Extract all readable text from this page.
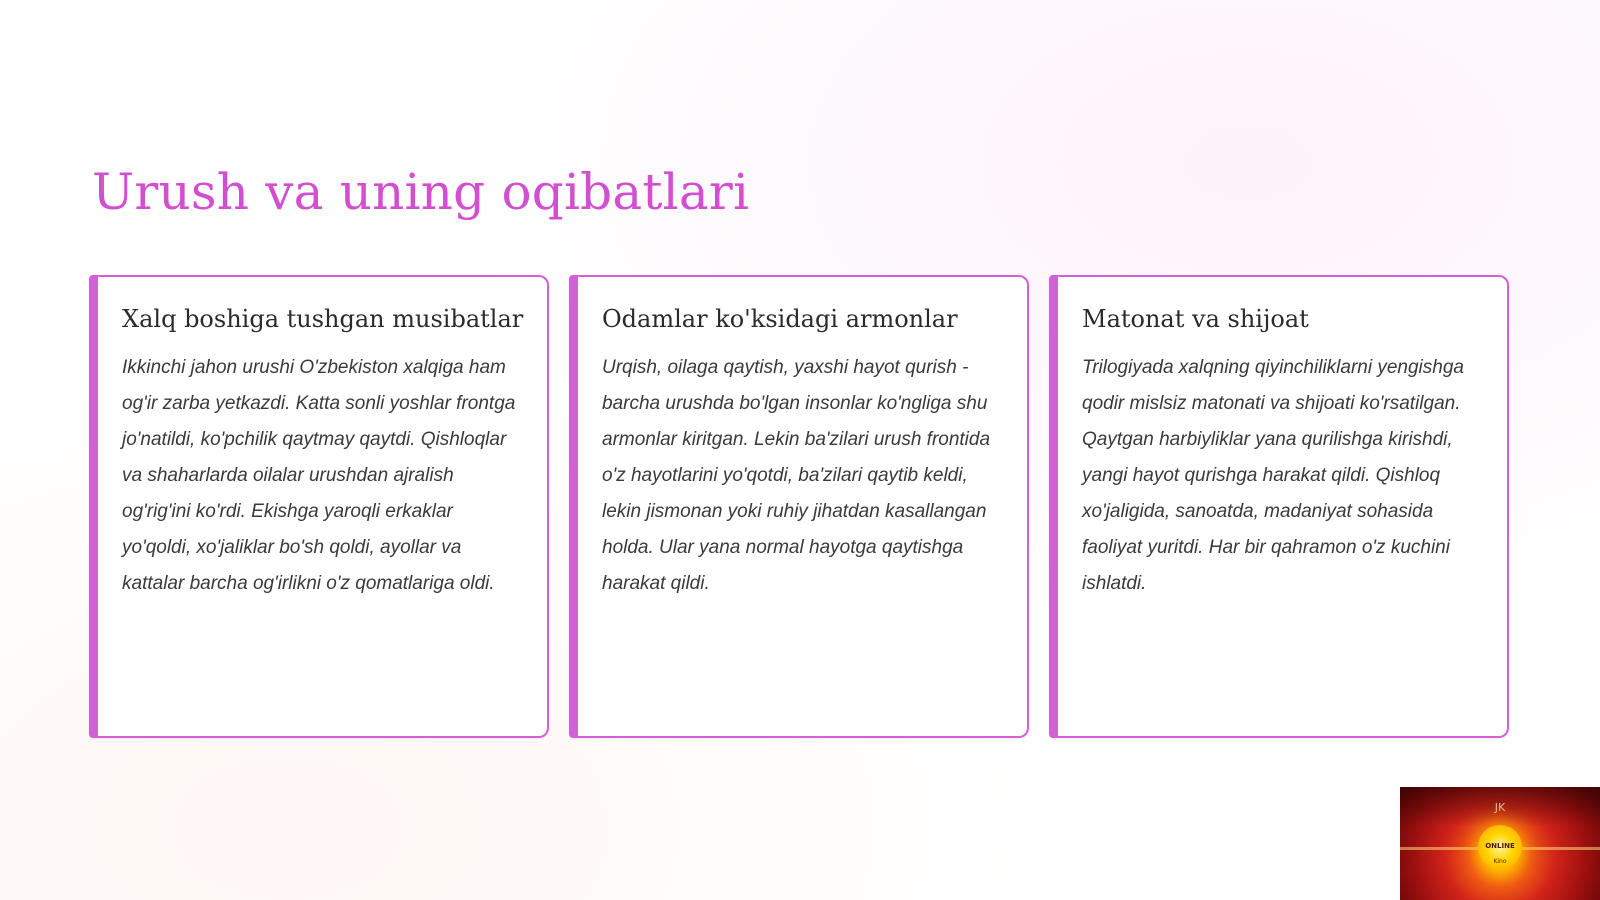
Urush va uning oqibatlari
Xalq boshiga tushgan musibatlar

Ikkinchi jahon urushi O'zbekiston xalqiga ham og'ir zarba yetkazdi. Katta sonli yoshlar frontga jo'natildi, ko'pchilik qaytmay qaytdi. Qishloqlar va shaharlarda oilalar urushdan ajralish og'rig'ini ko'rdi. Ekishga yaroqli erkaklar yo'qoldi, xo'jaliklar bo'sh qoldi, ayollar va kattalar barcha og'irlikni o'z qomatlariga oldi.

Odamlar ko'ksidagi armonlar

Urqish, oilaga qaytish, yaxshi hayot qurish - barcha urushda bo'lgan insonlar ko'ngliga shu armonlar kiritgan. Lekin ba'zilari urush frontida o'z hayotlarini yo'qotdi, ba'zilari qaytib keldi, lekin jismonan yoki ruhiy jihatdan kasallangan holda. Ular yana normal hayotga qaytishga harakat qildi.

Matonat va shijoat

Trilogiyada xalqning qiyinchiliklarni yengishga qodir mislsiz matonati va shijoati ko'rsatilgan. Qaytgan harbiyliklar yana qurilishga kirishdi, yangi hayot qurishga harakat qildi. Qishloq xo'jaligida, sanoatda, madaniyat sohasida faoliyat yuritdi. Har bir qahramon o'z kuchini ishlatdi.

JK
ONLINE
Kino
